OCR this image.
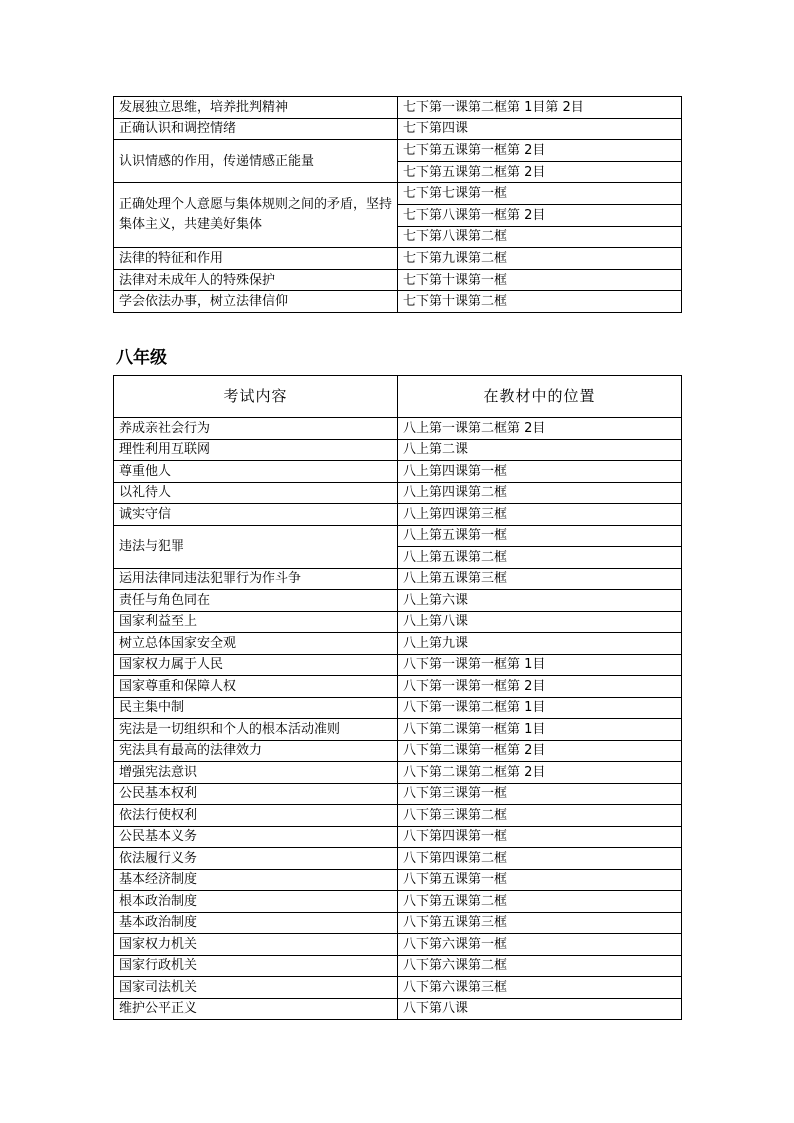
发展独立思维，培养批判精神	七下第一课第二框第 1目第 2目
正确认识和调控情绪	七下第四课
认识情感的作用，传递情感正能量	七下第五课第一框第 2目
	七下第五课第二框第 2目
正确处理个人意愿与集体规则之间的矛盾，坚持集体主义，共建美好集体	七下第七课第一框
	七下第八课第一框第 2目
	七下第八课第二框
法律的特征和作用	七下第九课第二框
法律对未成年人的特殊保护	七下第十课第一框
学会依法办事，树立法律信仰	七下第十课第二框
八年级
考试内容	在教材中的位置
养成亲社会行为	八上第一课第二框第 2目
理性利用互联网	八上第二课
尊重他人	八上第四课第一框
以礼待人	八上第四课第二框
诚实守信	八上第四课第三框
违法与犯罪	八上第五课第一框
	八上第五课第二框
运用法律同违法犯罪行为作斗争	八上第五课第三框
责任与角色同在	八上第六课
国家利益至上	八上第八课
树立总体国家安全观	八上第九课
国家权力属于人民	八下第一课第一框第 1目
国家尊重和保障人权	八下第一课第一框第 2目
民主集中制	八下第一课第二框第 1目
宪法是一切组织和个人的根本活动准则	八下第二课第一框第 1目
宪法具有最高的法律效力	八下第二课第一框第 2目
增强宪法意识	八下第二课第二框第 2目
公民基本权利	八下第三课第一框
依法行使权利	八下第三课第二框
公民基本义务	八下第四课第一框
依法履行义务	八下第四课第二框
基本经济制度	八下第五课第一框
根本政治制度	八下第五课第二框
基本政治制度	八下第五课第三框
国家权力机关	八下第六课第一框
国家行政机关	八下第六课第二框
国家司法机关	八下第六课第三框
维护公平正义	八下第八课
